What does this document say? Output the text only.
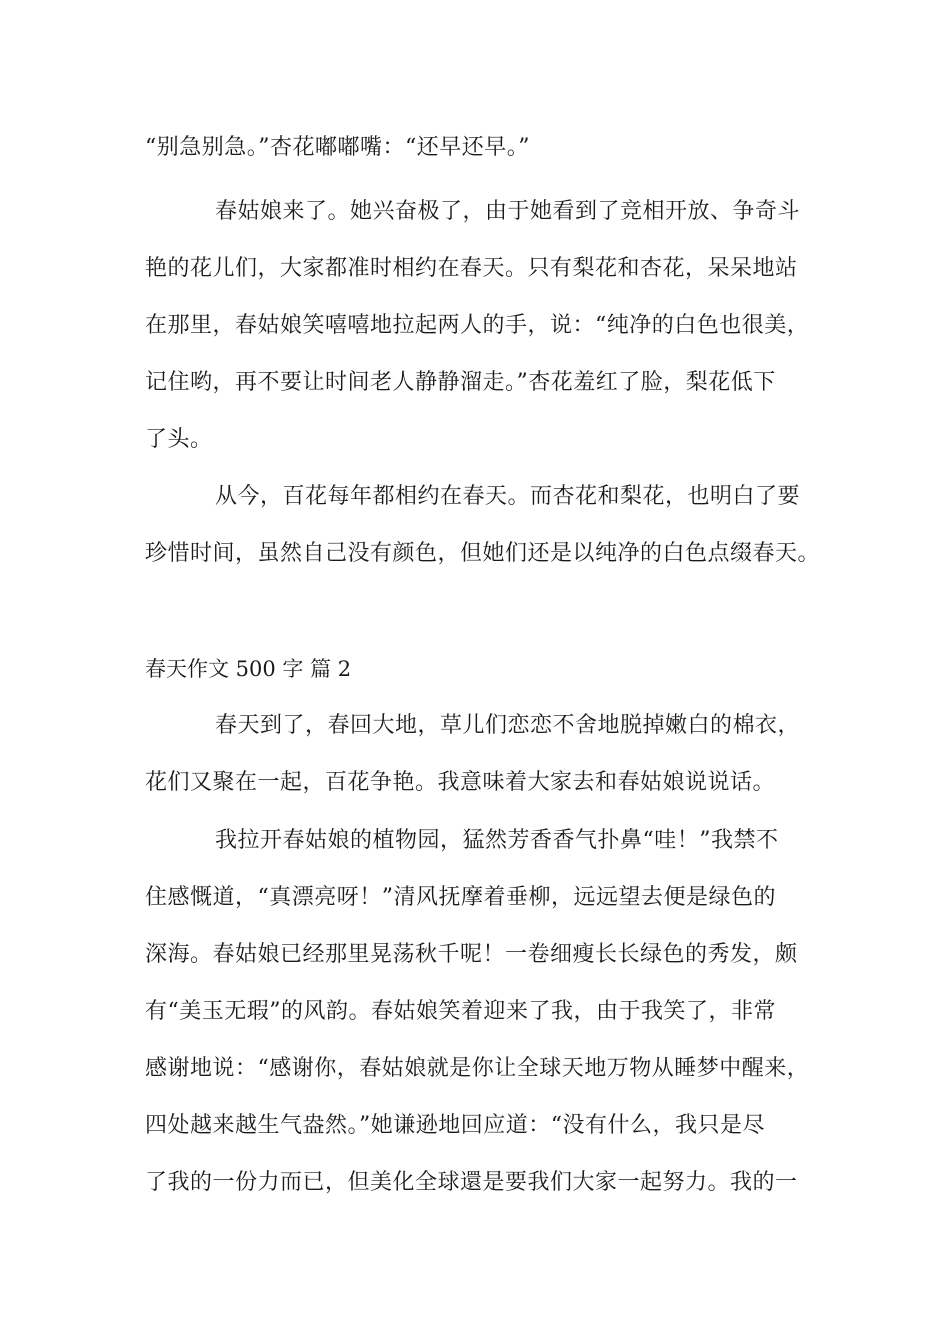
“别急别急。”杏花嘟嘟嘴：“还早还早。”
春姑娘来了。她兴奋极了，由于她看到了竞相开放、争奇斗
艳的花儿们，大家都准时相约在春天。只有梨花和杏花，呆呆地站
在那里，春姑娘笑嘻嘻地拉起两人的手，说：“纯净的白色也很美，
记住哟，再不要让时间老人静静溜走。”杏花羞红了脸，梨花低下
了头。
从今，百花每年都相约在春天。而杏花和梨花，也明白了要
珍惜时间，虽然自己没有颜色，但她们还是以纯净的白色点缀春天。
春天作文 500 字 篇 2
春天到了，春回大地，草儿们恋恋不舍地脱掉嫩白的棉衣，
花们又聚在一起，百花争艳。我意味着大家去和春姑娘说说话。
我拉开春姑娘的植物园，猛然芳香香气扑鼻“哇！”我禁不
住感慨道，“真漂亮呀！”清风抚摩着垂柳，远远望去便是绿色的
深海。春姑娘已经那里晃荡秋千呢！一卷细瘦长长绿色的秀发，颇
有“美玉无瑕”的风韵。春姑娘笑着迎来了我，由于我笑了，非常
感谢地说：“感谢你，春姑娘就是你让全球天地万物从睡梦中醒来，
四处越来越生气盎然。”她谦逊地回应道：“没有什么，我只是尽
了我的一份力而已，但美化全球還是要我们大家一起努力。我的一
